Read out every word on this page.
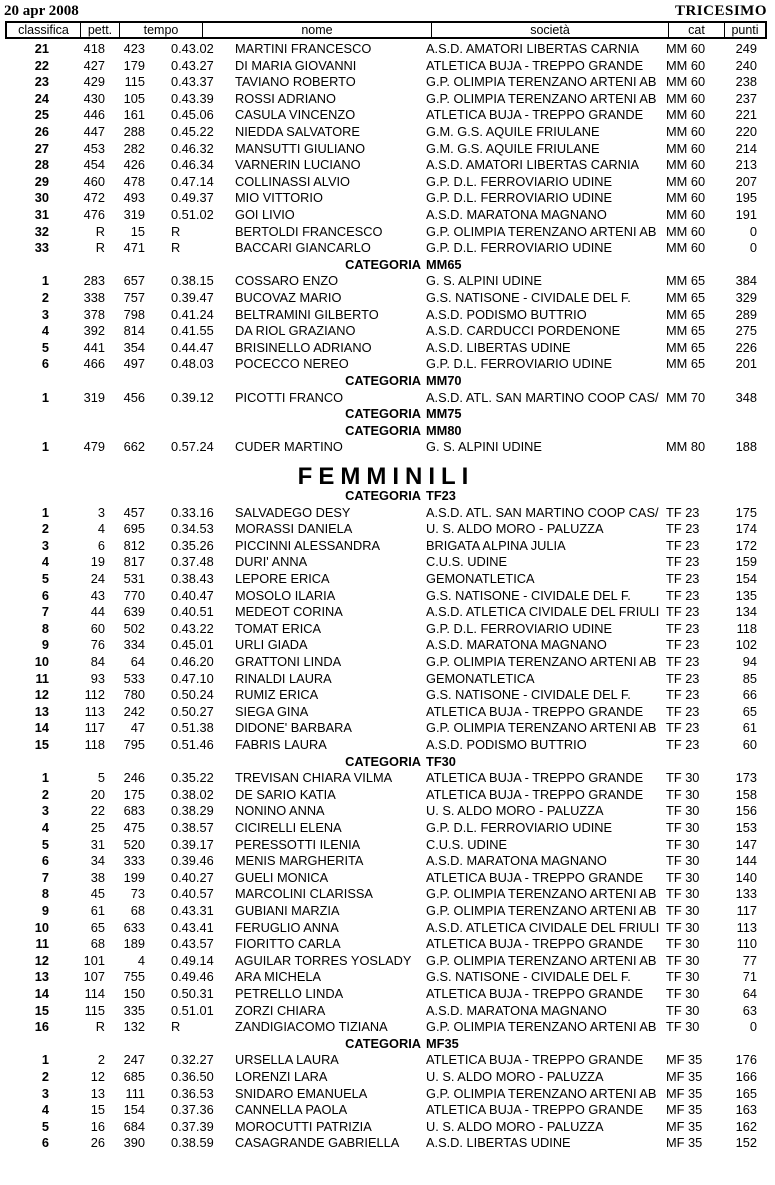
20 apr 2008	TRICESIMO
classifica	pett.	tempo	nome	società	cat	punti
21	418	423 0.43.02	MARTINI FRANCESCO	A.S.D. AMATORI LIBERTAS CARNIA	MM 60	249
22	427	179 0.43.27	DI MARIA GIOVANNI	ATLETICA BUJA - TREPPO GRANDE	MM 60	240
23	429	115 0.43.37	TAVIANO ROBERTO	G.P. OLIMPIA TERENZANO ARTENI AB MM 60	238
24	430	105 0.43.39	ROSSI ADRIANO	G.P. OLIMPIA TERENZANO ARTENI AB MM 60	237
25	446	161 0.45.06	CASULA VINCENZO	ATLETICA BUJA - TREPPO GRANDE	MM 60	221
26	447	288 0.45.22	NIEDDA SALVATORE	G.M. G.S. AQUILE FRIULANE	MM 60	220
27	453	282 0.46.32	MANSUTTI GIULIANO	G.M. G.S. AQUILE FRIULANE	MM 60	214
28	454	426 0.46.34	VARNERIN LUCIANO	A.S.D. AMATORI LIBERTAS CARNIA	MM 60	213
29	460	478 0.47.14	COLLINASSI ALVIO	G.P. D.L. FERROVIARIO UDINE	MM 60	207
30	472	493 0.49.37	MIO VITTORIO	G.P. D.L. FERROVIARIO UDINE	MM 60	195
31	476	319 0.51.02	GOI LIVIO	A.S.D. MARATONA MAGNANO	MM 60	191
32	R	15 R	BERTOLDI FRANCESCO	G.P. OLIMPIA TERENZANO ARTENI AB MM 60	0
33	R	471 R	BACCARI GIANCARLO	G.P. D.L. FERROVIARIO UDINE	MM 60	0
CATEGORIA MM65
1	283	657 0.38.15	COSSARO ENZO	G. S. ALPINI UDINE	MM 65	384
2	338	757 0.39.47	BUCOVAZ MARIO	G.S. NATISONE - CIVIDALE DEL F.	MM 65	329
3	378	798 0.41.24	BELTRAMINI GILBERTO	A.S.D. PODISMO BUTTRIO	MM 65	289
4	392	814 0.41.55	DA RIOL GRAZIANO	A.S.D. CARDUCCI PORDENONE	MM 65	275
5	441	354 0.44.47	BRISINELLO ADRIANO	A.S.D. LIBERTAS UDINE	MM 65	226
6	466	497 0.48.03	POCECCO NEREO	G.P. D.L. FERROVIARIO UDINE	MM 65	201
CATEGORIA MM70
1	319	456 0.39.12	PICOTTI FRANCO	A.S.D. ATL. SAN MARTINO COOP CAS/ MM 70	348
CATEGORIA MM75
CATEGORIA MM80
1	479	662 0.57.24	CUDER MARTINO	G. S. ALPINI UDINE	MM 80	188
FEMMINILI
CATEGORIA TF23
1	3	457 0.33.16	SALVADEGO DESY	A.S.D. ATL. SAN MARTINO COOP CAS/ TF 23	175
2	4	695 0.34.53	MORASSI DANIELA	U. S. ALDO MORO - PALUZZA	TF 23	174
3	6	812 0.35.26	PICCINNI ALESSANDRA	BRIGATA ALPINA JULIA	TF 23	172
4	19	817 0.37.48	DURI' ANNA	C.U.S. UDINE	TF 23	159
5	24	531 0.38.43	LEPORE ERICA	GEMONATLETICA	TF 23	154
6	43	770 0.40.47	MOSOLO ILARIA	G.S. NATISONE - CIVIDALE DEL F.	TF 23	135
7	44	639 0.40.51	MEDEOT CORINA	A.S.D. ATLETICA CIVIDALE DEL FRIULI TF 23	134
8	60	502 0.43.22	TOMAT ERICA	G.P. D.L. FERROVIARIO UDINE	TF 23	118
9	76	334 0.45.01	URLI GIADA	A.S.D. MARATONA MAGNANO	TF 23	102
10	84	64 0.46.20	GRATTONI LINDA	G.P. OLIMPIA TERENZANO ARTENI AB TF 23	94
11	93	533 0.47.10	RINALDI LAURA	GEMONATLETICA	TF 23	85
12	112	780 0.50.24	RUMIZ ERICA	G.S. NATISONE - CIVIDALE DEL F.	TF 23	66
13	113	242 0.50.27	SIEGA GINA	ATLETICA BUJA - TREPPO GRANDE	TF 23	65
14	117	47 0.51.38	DIDONE' BARBARA	G.P. OLIMPIA TERENZANO ARTENI AB TF 23	61
15	118	795 0.51.46	FABRIS LAURA	A.S.D. PODISMO BUTTRIO	TF 23	60
CATEGORIA TF30
1	5	246 0.35.22	TREVISAN CHIARA VILMA	ATLETICA BUJA - TREPPO GRANDE	TF 30	173
2	20	175 0.38.02	DE SARIO KATIA	ATLETICA BUJA - TREPPO GRANDE	TF 30	158
3	22	683 0.38.29	NONINO ANNA	U. S. ALDO MORO - PALUZZA	TF 30	156
4	25	475 0.38.57	CICIRELLI ELENA	G.P. D.L. FERROVIARIO UDINE	TF 30	153
5	31	520 0.39.17	PERESSOTTI ILENIA	C.U.S. UDINE	TF 30	147
6	34	333 0.39.46	MENIS MARGHERITA	A.S.D. MARATONA MAGNANO	TF 30	144
7	38	199 0.40.27	GUELI MONICA	ATLETICA BUJA - TREPPO GRANDE	TF 30	140
8	45	73 0.40.57	MARCOLINI CLARISSA	G.P. OLIMPIA TERENZANO ARTENI AB TF 30	133
9	61	68 0.43.31	GUBIANI MARZIA	G.P. OLIMPIA TERENZANO ARTENI AB TF 30	117
10	65	633 0.43.41	FERUGLIO ANNA	A.S.D. ATLETICA CIVIDALE DEL FRIULI TF 30	113
11	68	189 0.43.57	FIORITTO CARLA	ATLETICA BUJA - TREPPO GRANDE	TF 30	110
12	101	4 0.49.14	AGUILAR TORRES YOSLADY	G.P. OLIMPIA TERENZANO ARTENI AB TF 30	77
13	107	755 0.49.46	ARA MICHELA	G.S. NATISONE - CIVIDALE DEL F.	TF 30	71
14	114	150 0.50.31	PETRELLO LINDA	ATLETICA BUJA - TREPPO GRANDE	TF 30	64
15	115	335 0.51.01	ZORZI CHIARA	A.S.D. MARATONA MAGNANO	TF 30	63
16	R	132 R	ZANDIGIACOMO TIZIANA	G.P. OLIMPIA TERENZANO ARTENI AB TF 30	0
CATEGORIA MF35
1	2	247 0.32.27	URSELLA LAURA	ATLETICA BUJA - TREPPO GRANDE	MF 35	176
2	12	685 0.36.50	LORENZI LARA	U. S. ALDO MORO - PALUZZA	MF 35	166
3	13	111 0.36.53	SNIDARO EMANUELA	G.P. OLIMPIA TERENZANO ARTENI AB MF 35	165
4	15	154 0.37.36	CANNELLA PAOLA	ATLETICA BUJA - TREPPO GRANDE	MF 35	163
5	16	684 0.37.39	MOROCUTTI PATRIZIA	U. S. ALDO MORO - PALUZZA	MF 35	162
6	26	390 0.38.59	CASAGRANDE GABRIELLA	A.S.D. LIBERTAS UDINE	MF 35	152
